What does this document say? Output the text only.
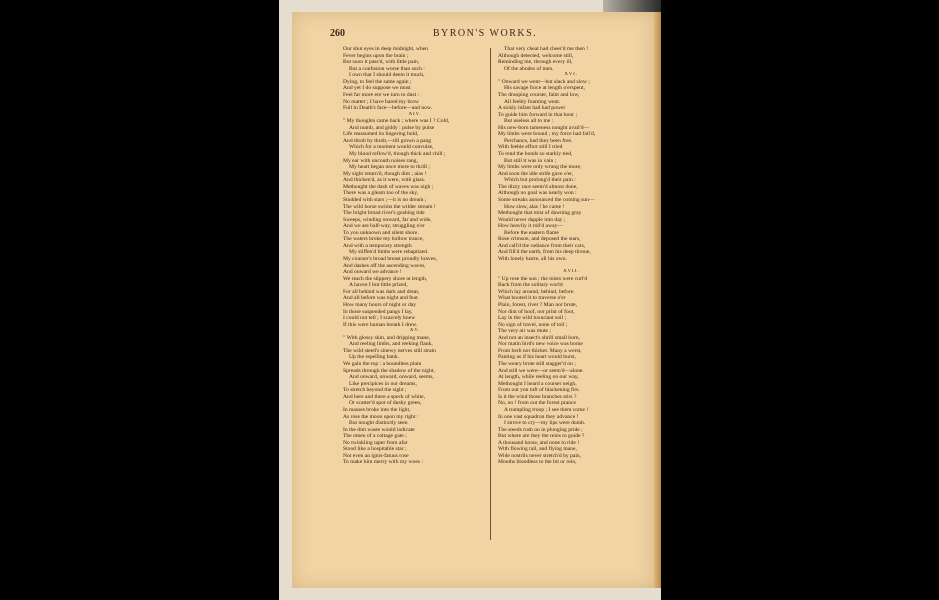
260	BYRON'S WORKS.
Our shut eyes in deep midnight, when
Fever begins upon the brain ;
But soon it pass'd, with little pain,
But a confusion worse than such :
I own that I should deem it much,
Dying, to feel the same again ;
And yet I do suppose we must
Feel far more ere we turn to dust :
No matter ; I have bared my brow
Full in Death's face—before—and now.
XIV.
" My thoughts came back ; where was I ? Cold,
And numb, and giddy : pulse by pulse
Life reassumed its lingering hold,
And throb by throb,—till grown a pang
Which for a moment would convulse,
My blood reflow'd, though thick and chill ;
My ear with uncouth noises rang,
My heart began once more to thrill ;
My sight return'd, though dim ; alas !
And thicken'd, as it were, with glass.
Methought the dash of waves was nigh ;
There was a gleam too of the sky,
Studded with stars ;—it is no dream ;
The wild horse swims the wilder stream !
The bright broad river's gushing tide
Sweeps, winding onward, far and wide,
And we are half-way, struggling o'er
To you unknown and silent shore.
The waters broke my hollow trance,
And with a temporary strength
My stiffen'd limbs were rebaptized.
My courser's broad breast proudly braves,
And dashes off the ascending waves,
And onward we advance !
We reach the slippery shore at length,
A haven I but little prized,
For all behind was dark and drear,
And all before was night and fear.
How many hours of night or day
In those suspended pangs I lay,
I could not tell ; I scarcely knew
If this were human breath I drew.
XV.
" With glossy skin, and dripping mane,
And reeling limbs, and reeking flank,
The wild steed's sinewy nerves still strain
Up the repelling bank.
We gain the top : a boundless plain
Spreads through the shadow of the night,
And onward, onward, onward, seems,
Like precipices in our dreams,
To stretch beyond the sight ;
And here and there a speck of white,
Or scatter'd spot of dusky green,
In masses broke into the light,
As rose the moon upon my right :
But nought distinctly seen
In the dim waste would indicate
The omen of a cottage gate ;
No twinkling taper from afar
Stood like a hospitable star ;
Not even an ignis-fatuus rose
To make him merry with my woes :
That very cheat had cheer'd me then !
Although detected, welcome still,
Reminding me, through every ill,
Of the abodes of men.
XVI.
" Onward we went—but slack and slow ;
His savage force at length o'erspent,
The drooping courser, faint and low,
All feebly foaming went.
A sickly infant had had power
To guide him forward in that hour ;
But useless all to me :
His new-born tameness nought avail'd—
My limbs were bound ; my force had fail'd,
Perchance, had they been free.
With feeble effort still I tried
To rend the bonds so starkly tied,
But still it was in vain ;
My limbs were only wrung the more,
And soon the idle strife gave o'er,
Which but prolong'd their pain :
The dizzy race seem'd almost done,
Although no goal was nearly won :
Some streaks announced the coming sun—
How slow, alas ! he came !
Methought that mist of dawning gray
Would never dapple into day ;
How heavily it roll'd away—
Before the eastern flame
Rose crimson, and deposed the stars,
And call'd the radiance from their cars,
And fill'd the earth, from his deep throne,
With lonely lustre, all his own.
XVII.
" Up rose the sun ; the mists were curl'd
Back from the solitary world
Which lay around, behind, before.
What booted it to traverse o'er
Plain, forest, river ? Man nor brute,
Nor dint of hoof, nor print of foot,
Lay in the wild luxuriant soil ;
No sign of travel, none of toil ;
The very air was mute ;
And not an insect's shrill small horn,
Nor matin bird's new voice was borne
From herb nor thicket. Many a werst,
Panting as if his heart would burst,
The weary brute still stagger'd on ;
And still we were—or seem'd—alone.
At length, while reeling on our way,
Methought I heard a courser neigh,
From out yon tuft of blackening firs.
Is it the wind those branches stirs ?
No, no ! from out the forest prance
A trampling troop ; I see them come !
In one vast squadron they advance !
I strove to cry—my lips were dumb.
The steeds rush on in plunging pride ;
But where are they the reins to guide ?
A thousand horse, and none to ride !
With flowing tail, and flying mane,
Wide nostrils never stretch'd by pain,
Mouths bloodless to the bit or rein,
